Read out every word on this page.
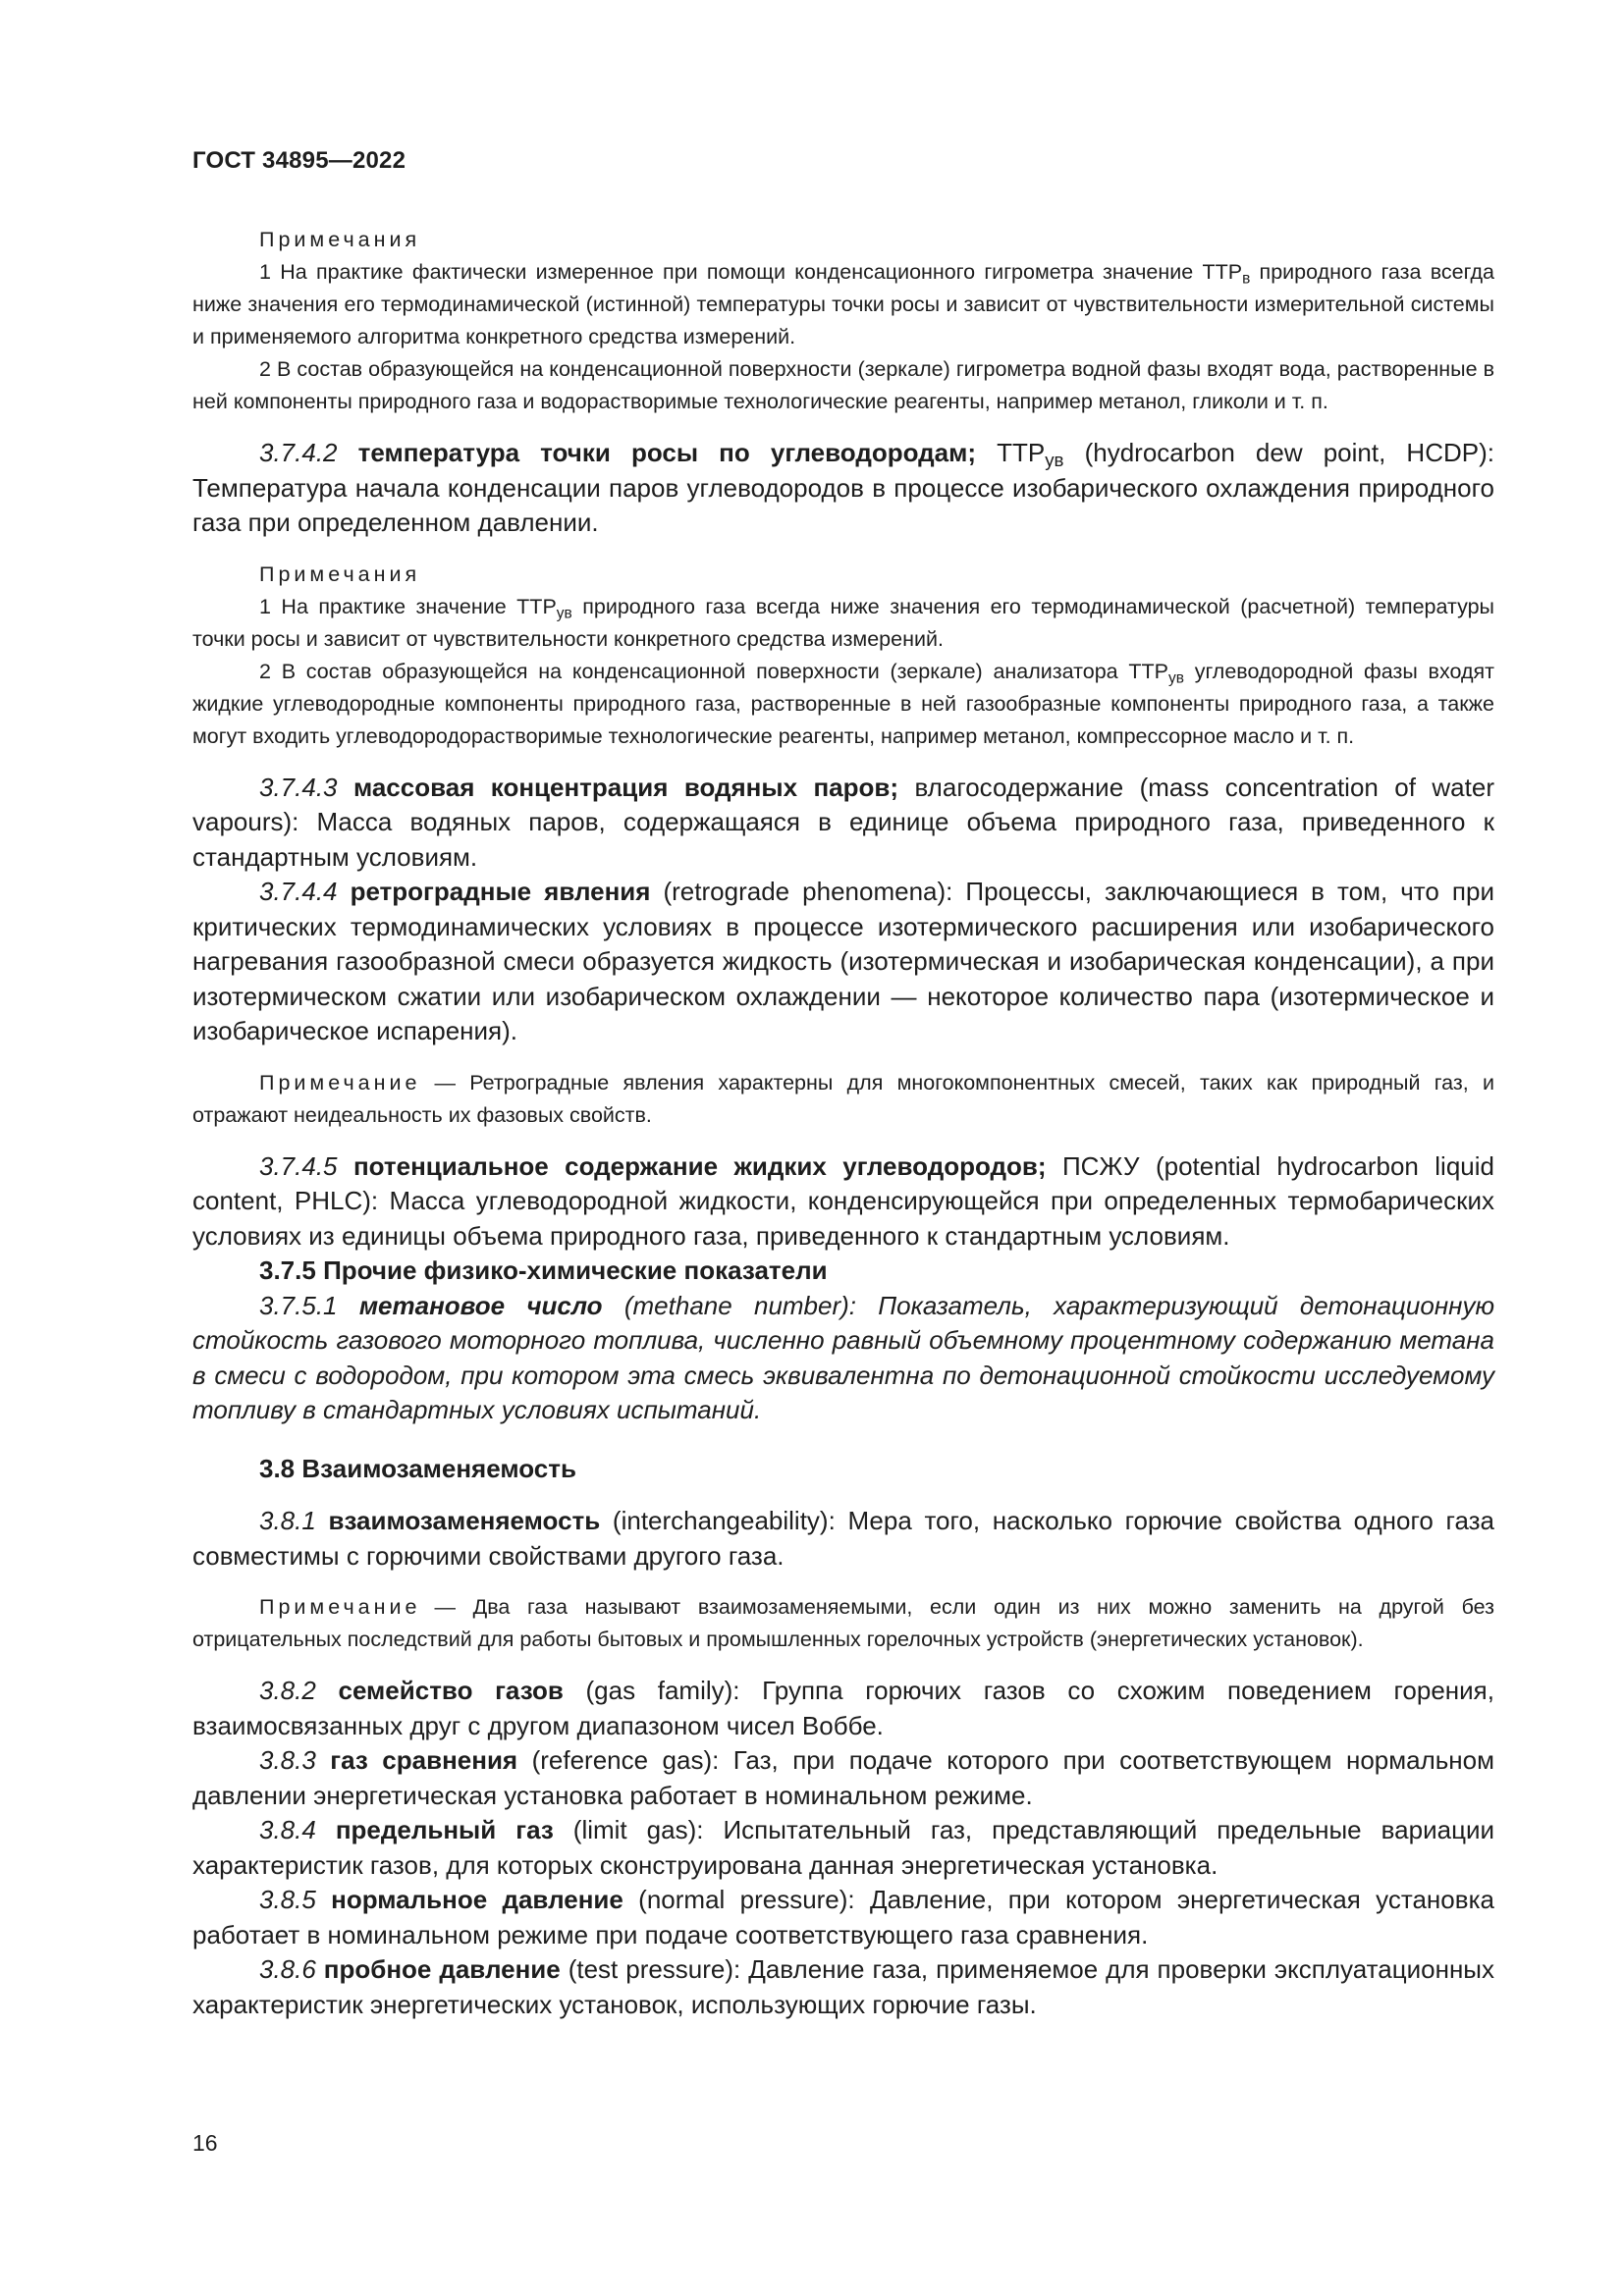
ГОСТ 34895—2022

Примечания

1 На практике фактически измеренное при помощи конденсационного гигрометра значение $ТТР_в$ природного газа всегда ниже значения его термодинамической (истинной) температуры точки росы и зависит от чувствительности измерительной системы и применяемого алгоритма конкретного средства измерений.

2 В состав образующейся на конденсационной поверхности (зеркале) гигрометра водной фазы входят вода, растворенные в ней компоненты природного газа и водорастворимые технологические реагенты, например метанол, гликоли и т. п.

3.7.4.2 температура точки росы по углеводородам; $ТТР_{ув}$ (hydrocarbon dew point, HCDP): Температура начала конденсации паров углеводородов в процессе изобарического охлаждения природного газа при определенном давлении.

Примечания

1 На практике значение $ТТР_{ув}$ природного газа всегда ниже значения его термодинамической (расчетной) температуры точки росы и зависит от чувствительности конкретного средства измерений.

2 В состав образующейся на конденсационной поверхности (зеркале) анализатора $ТТР_{ув}$ углеводородной фазы входят жидкие углеводородные компоненты природного газа, растворенные в ней газообразные компоненты природного газа, а также могут входить углеводородорастворимые технологические реагенты, например метанол, компрессорное масло и т. п.

3.7.4.3 массовая концентрация водяных паров; влагосодержание (mass concentration of water vapours): Масса водяных паров, содержащаяся в единице объема природного газа, приведенного к стандартным условиям.

3.7.4.4 ретроградные явления (retrograde phenomena): Процессы, заключающиеся в том, что при критических термодинамических условиях в процессе изотермического расширения или изобарического нагревания газообразной смеси образуется жидкость (изотермическая и изобарическая конденсации), а при изотермическом сжатии или изобарическом охлаждении — некоторое количество пара (изотермическое и изобарическое испарения).

Примечание — Ретроградные явления характерны для многокомпонентных смесей, таких как природный газ, и отражают неидеальность их фазовых свойств.

3.7.4.5 потенциальное содержание жидких углеводородов; ПСЖУ (potential hydrocarbon liquid content, PHLC): Масса углеводородной жидкости, конденсирующейся при определенных термобарических условиях из единицы объема природного газа, приведенного к стандартным условиям.

3.7.5 Прочие физико-химические показатели

3.7.5.1 метановое число (methane number): Показатель, характеризующий детонационную стойкость газового моторного топлива, численно равный объемному процентному содержанию метана в смеси с водородом, при котором эта смесь эквивалентна по детонационной стойкости исследуемому топливу в стандартных условиях испытаний.

3.8 Взаимозаменяемость

3.8.1 взаимозаменяемость (interchangeability): Мера того, насколько горючие свойства одного газа совместимы с горючими свойствами другого газа.

Примечание — Два газа называют взаимозаменяемыми, если один из них можно заменить на другой без отрицательных последствий для работы бытовых и промышленных горелочных устройств (энергетических установок).

3.8.2 семейство газов (gas family): Группа горючих газов со схожим поведением горения, взаимосвязанных друг с другом диапазоном чисел Воббе.

3.8.3 газ сравнения (reference gas): Газ, при подаче которого при соответствующем нормальном давлении энергетическая установка работает в номинальном режиме.

3.8.4 предельный газ (limit gas): Испытательный газ, представляющий предельные вариации характеристик газов, для которых сконструирована данная энергетическая установка.

3.8.5 нормальное давление (normal pressure): Давление, при котором энергетическая установка работает в номинальном режиме при подаче соответствующего газа сравнения.

3.8.6 пробное давление (test pressure): Давление газа, применяемое для проверки эксплуатационных характеристик энергетических установок, использующих горючие газы.

16
